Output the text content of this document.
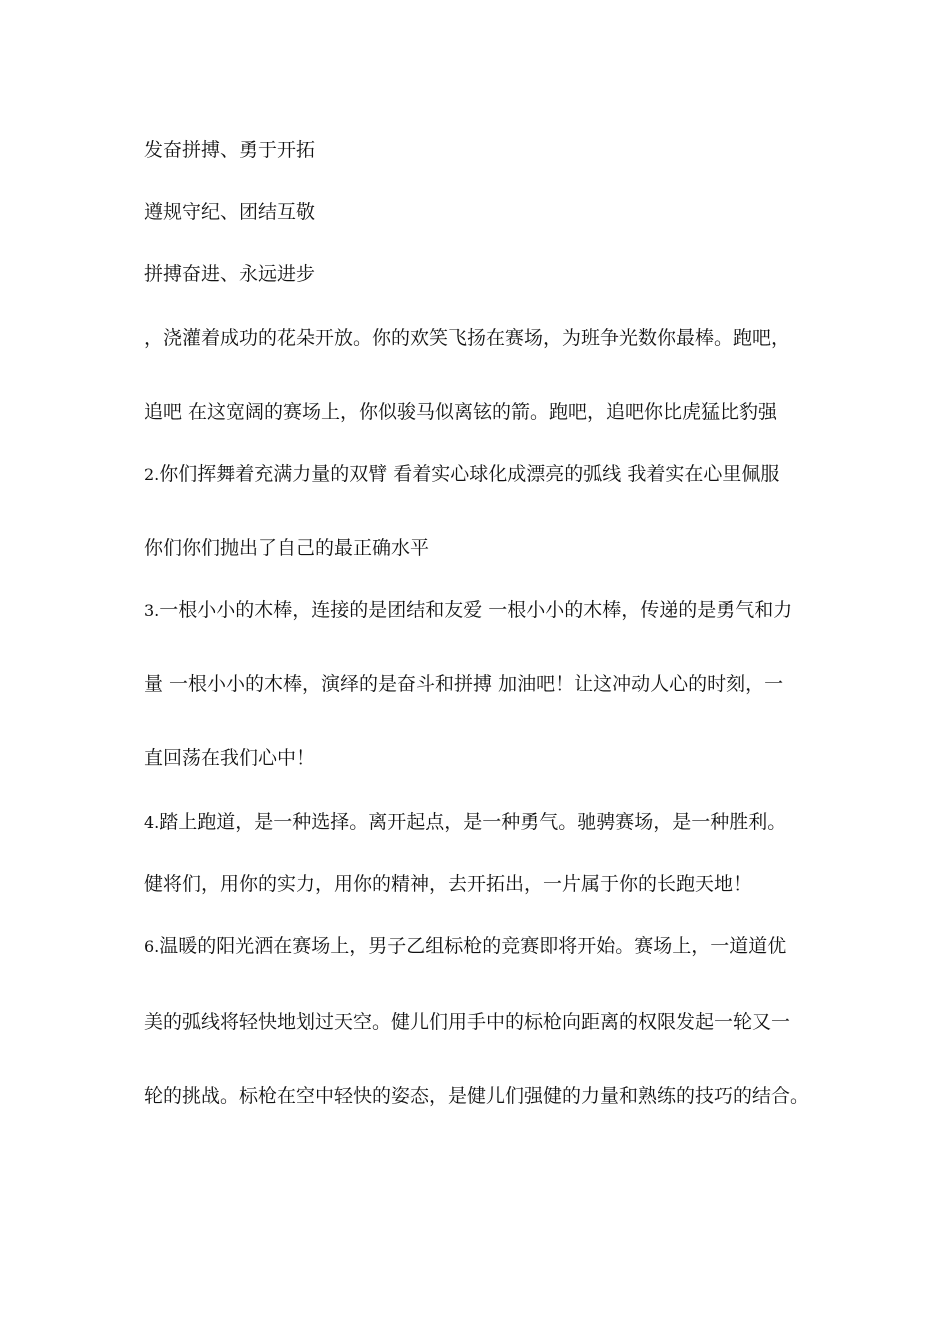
发奋拼搏、勇于开拓
遵规守纪、团结互敬
拼搏奋进、永远进步
，浇灌着成功的花朵开放。你的欢笑飞扬在赛场，为班争光数你最棒。跑吧，
追吧 在这宽阔的赛场上，你似骏马似离铉的箭。跑吧，追吧你比虎猛比豹强
2.你们挥舞着充满力量的双臂 看着实心球化成漂亮的弧线 我着实在心里佩服
你们你们抛出了自己的最正确水平
3.一根小小的木棒，连接的是团结和友爱 一根小小的木棒，传递的是勇气和力
量 一根小小的木棒，演绎的是奋斗和拼搏 加油吧！让这冲动人心的时刻，一
直回荡在我们心中！
4.踏上跑道，是一种选择。离开起点，是一种勇气。驰骋赛场，是一种胜利。
健将们，用你的实力，用你的精神，去开拓出，一片属于你的长跑天地！
6.温暖的阳光洒在赛场上，男子乙组标枪的竞赛即将开始。赛场上，一道道优
美的弧线将轻快地划过天空。健儿们用手中的标枪向距离的权限发起一轮又一
轮的挑战。标枪在空中轻快的姿态，是健儿们强健的力量和熟练的技巧的结合。
